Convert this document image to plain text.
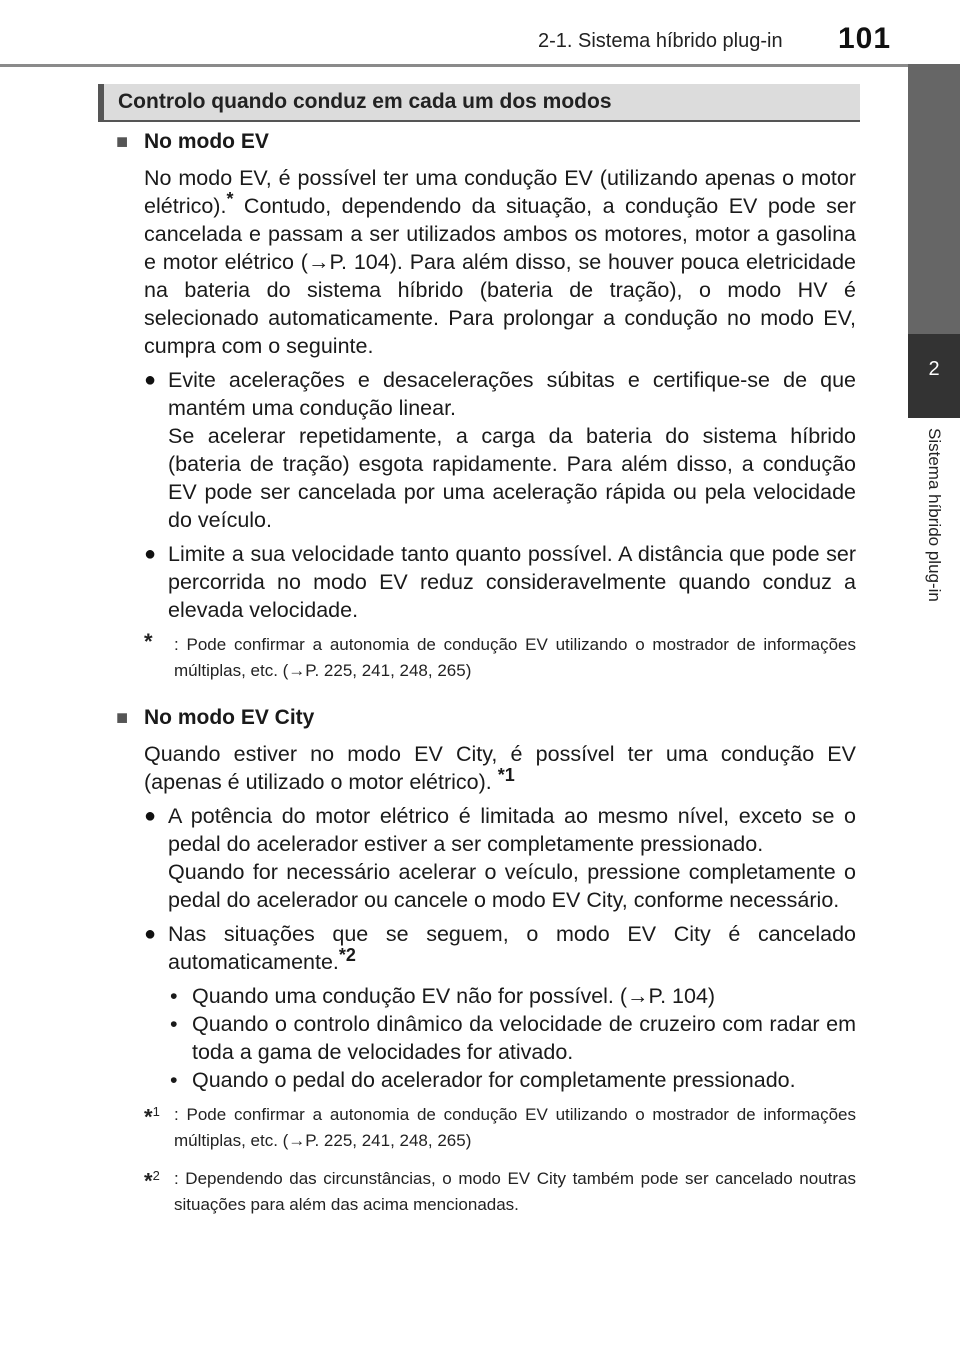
2-1. Sistema híbrido plug-in 101
2
Sistema híbrido plug-in
Controlo quando conduz em cada um dos modos
■ No modo EV

No modo EV, é possível ter uma condução EV (utilizando apenas o motor elétrico).* Contudo, dependendo da situação, a condução EV pode ser cancelada e passam a ser utilizados ambos os motores, motor a gasolina e motor elétrico (→P. 104). Para além disso, se houver pouca eletricidade na bateria do sistema híbrido (bateria de tração), o modo HV é selecionado automaticamente. Para prolongar a condução no modo EV, cumpra com o seguinte.

● Evite acelerações e desacelerações súbitas e certifique-se de que mantém uma condução linear.

Se acelerar repetidamente, a carga da bateria do sistema híbrido (bateria de tração) esgota rapidamente. Para além disso, a condução EV pode ser cancelada por uma aceleração rápida ou pela velocidade do veículo.

● Limite a sua velocidade tanto quanto possível. A distância que pode ser percorrida no modo EV reduz consideravelmente quando conduz a elevada velocidade.

* : Pode confirmar a autonomia de condução EV utilizando o mostrador de informações múltiplas, etc. (→P. 225, 241, 248, 265)
■ No modo EV City

Quando estiver no modo EV City, é possível ter uma condução EV (apenas é utilizado o motor elétrico). $^{*1}$

● A potência do motor elétrico é limitada ao mesmo nível, exceto se o pedal do acelerador estiver a ser completamente pressionado.

Quando for necessário acelerar o veículo, pressione completamente o pedal do acelerador ou cancele o modo EV City, conforme necessário.

● Nas situações que se seguem, o modo EV City é cancelado automaticamente.$^{*2}$

• Quando uma condução EV não for possível. (→P. 104)
• Quando o controlo dinâmico da velocidade de cruzeiro com radar em toda a gama de velocidades for ativado.
• Quando o pedal do acelerador for completamente pressionado.
*$^1$ : Pode confirmar a autonomia de condução EV utilizando o mostrador de informações múltiplas, etc. (→P. 225, 241, 248, 265)
*$^2$ : Dependendo das circunstâncias, o modo EV City também pode ser cancelado noutras situações para além das acima mencionadas.
